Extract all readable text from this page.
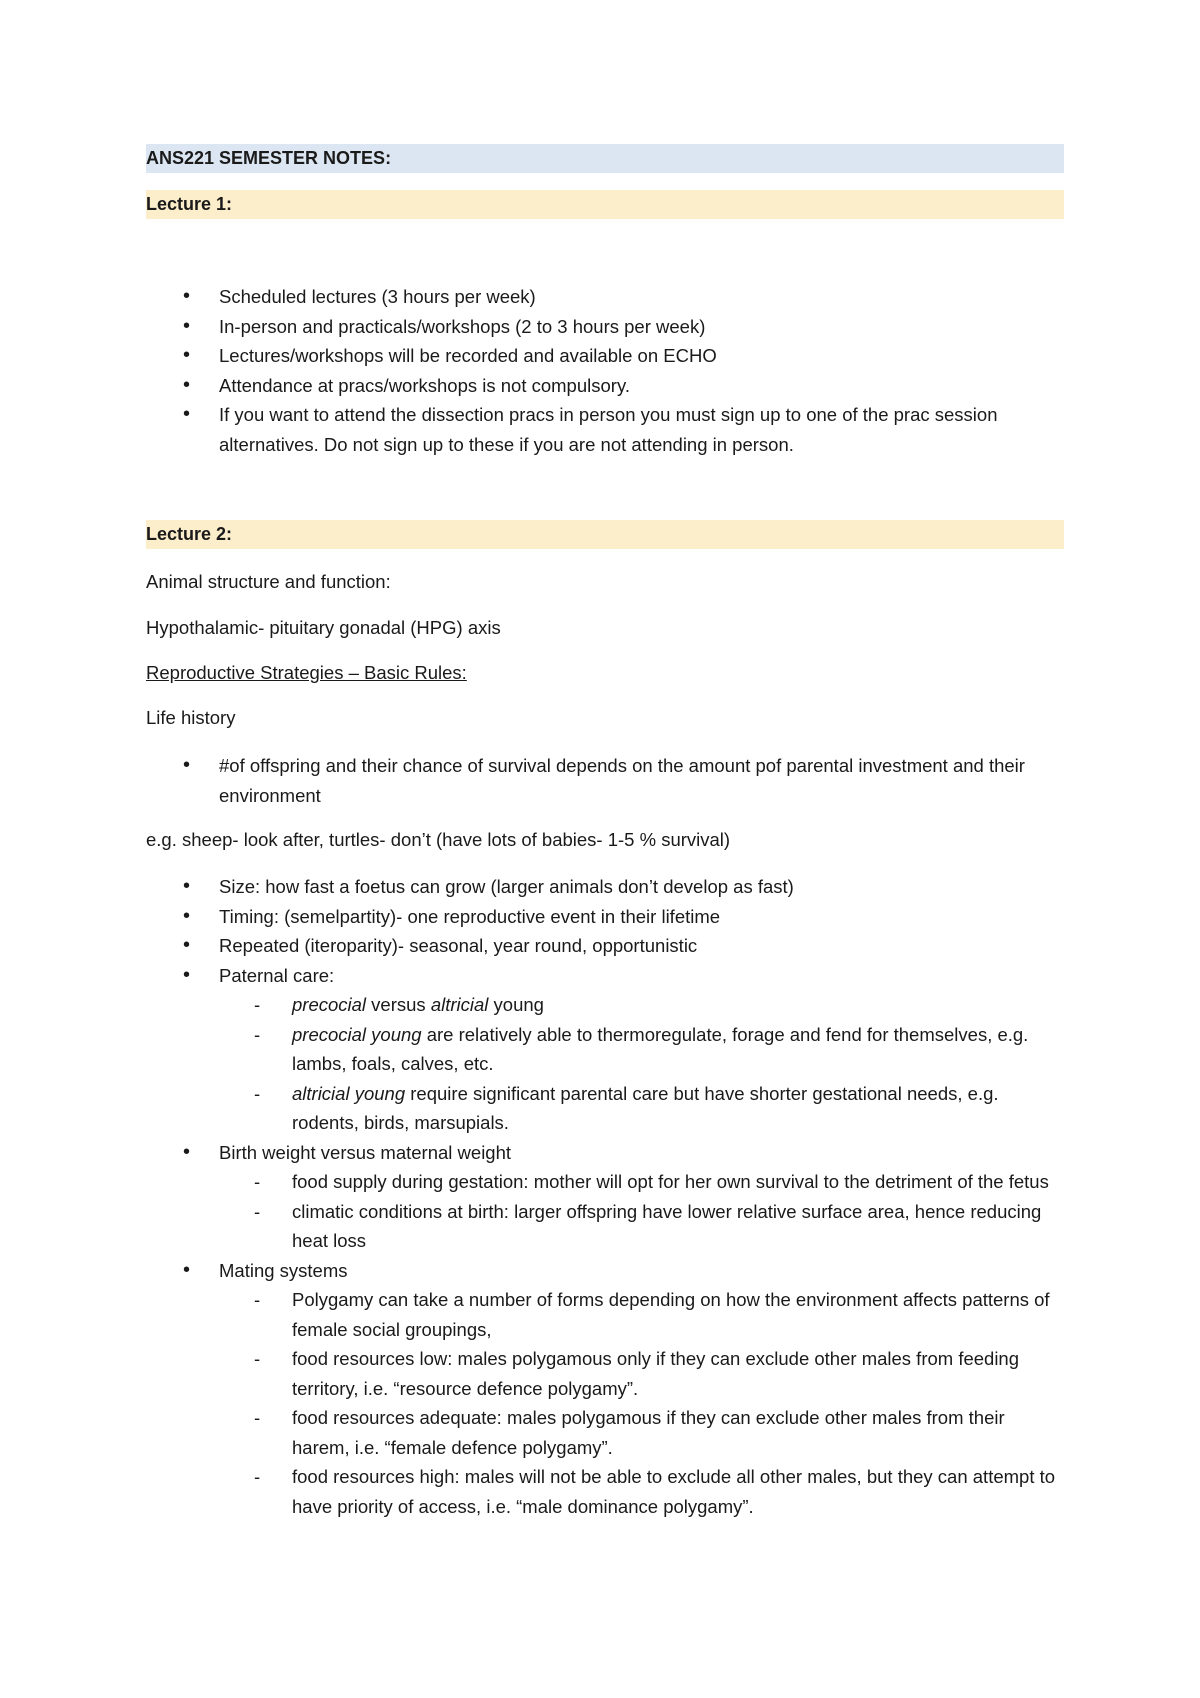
ANS221 SEMESTER NOTES:
Lecture 1:
• Scheduled lectures (3 hours per week)
• In-person and practicals/workshops (2 to 3 hours per week)
• Lectures/workshops will be recorded and available on ECHO
• Attendance at pracs/workshops is not compulsory.
• If you want to attend the dissection pracs in person you must sign up to one of the prac session alternatives. Do not sign up to these if you are not attending in person.
Lecture 2:

Animal structure and function:

Hypothalamic- pituitary gonadal (HPG) axis

Reproductive Strategies – Basic Rules:

Life history

• #of offspring and their chance of survival depends on the amount pof parental investment and their environment

e.g. sheep- look after, turtles- don’t (have lots of babies- 1-5 % survival)

• Size: how fast a foetus can grow (larger animals don’t develop as fast)
• Timing: (semelpartity)- one reproductive event in their lifetime
• Repeated (iteroparity)- seasonal, year round, opportunistic
• Paternal care:
- precocial versus altricial young
- precocial young are relatively able to thermoregulate, forage and fend for themselves, e.g. lambs, foals, calves, etc.
- altricial young require significant parental care but have shorter gestational needs, e.g. rodents, birds, marsupials.
• Birth weight versus maternal weight
- food supply during gestation: mother will opt for her own survival to the detriment of the fetus
- climatic conditions at birth: larger offspring have lower relative surface area, hence reducing heat loss
• Mating systems
- Polygamy can take a number of forms depending on how the environment affects patterns of female social groupings,
- food resources low: males polygamous only if they can exclude other males from feeding territory, i.e. “resource defence polygamy”.
- food resources adequate: males polygamous if they can exclude other males from their harem, i.e. “female defence polygamy”.
- food resources high: males will not be able to exclude all other males, but they can attempt to have priority of access, i.e. “male dominance polygamy”.
